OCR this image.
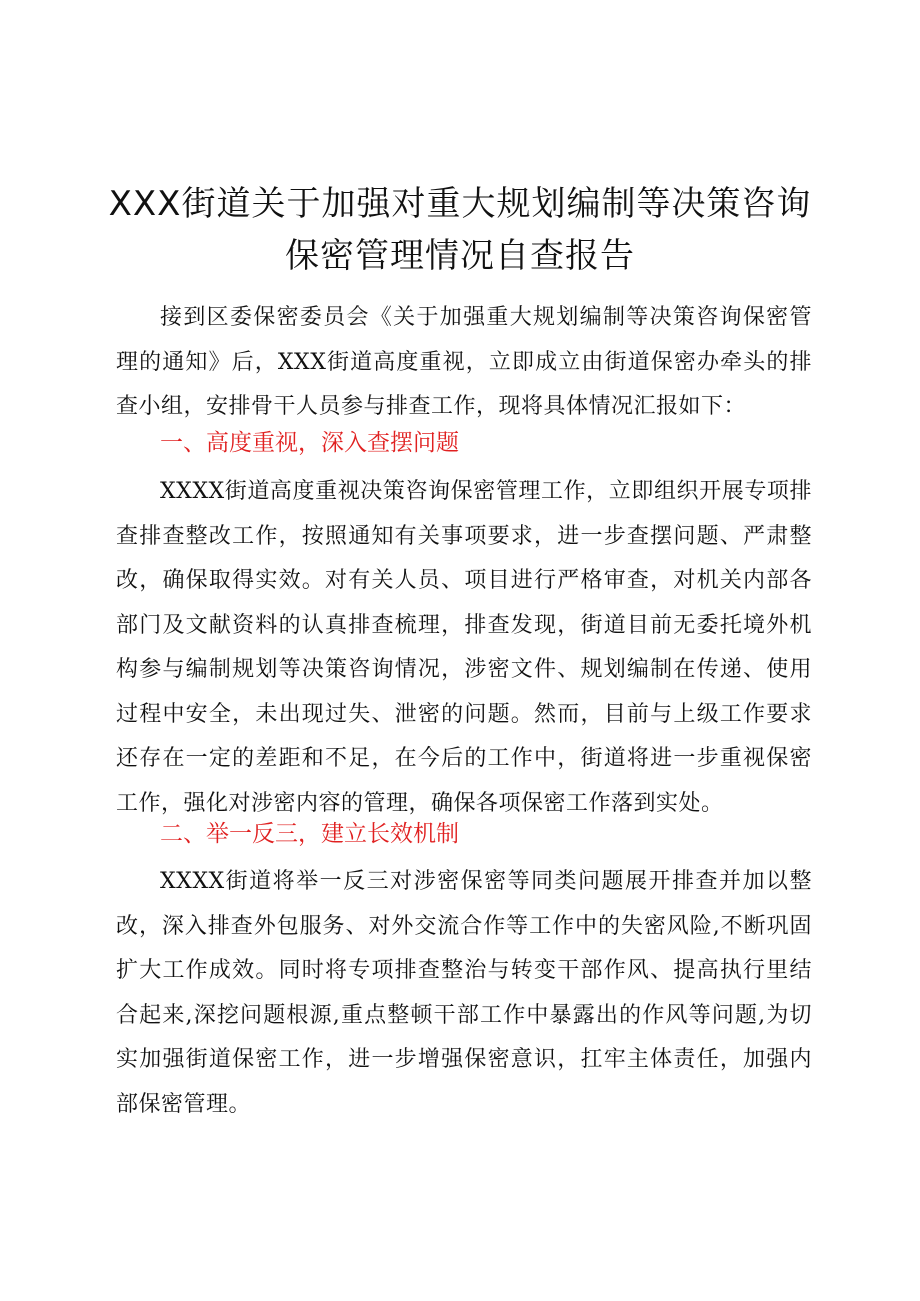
XXX街道关于加强对重大规划编制等决策咨询
保密管理情况自查报告

接到区委保密委员会《关于加强重大规划编制等决策咨询保密管理的通知》后，XXX街道高度重视，立即成立由街道保密办牵头的排查小组，安排骨干人员参与排查工作，现将具体情况汇报如下：

一、高度重视，深入查摆问题

XXXX街道高度重视决策咨询保密管理工作，立即组织开展专项排查排查整改工作，按照通知有关事项要求，进一步查摆问题、严肃整改，确保取得实效。对有关人员、项目进行严格审查，对机关内部各部门及文献资料的认真排查梳理，排查发现，街道目前无委托境外机构参与编制规划等决策咨询情况，涉密文件、规划编制在传递、使用过程中安全，未出现过失、泄密的问题。然而，目前与上级工作要求还存在一定的差距和不足，在今后的工作中，街道将进一步重视保密工作，强化对涉密内容的管理，确保各项保密工作落到实处。

二、举一反三，建立长效机制

XXXX街道将举一反三对涉密保密等同类问题展开排查并加以整改，深入排查外包服务、对外交流合作等工作中的失密风险,不断巩固扩大工作成效。同时将专项排查整治与转变干部作风、提高执行里结合起来,深挖问题根源,重点整顿干部工作中暴露出的作风等问题,为切实加强街道保密工作，进一步增强保密意识，扛牢主体责任，加强内部保密管理。
